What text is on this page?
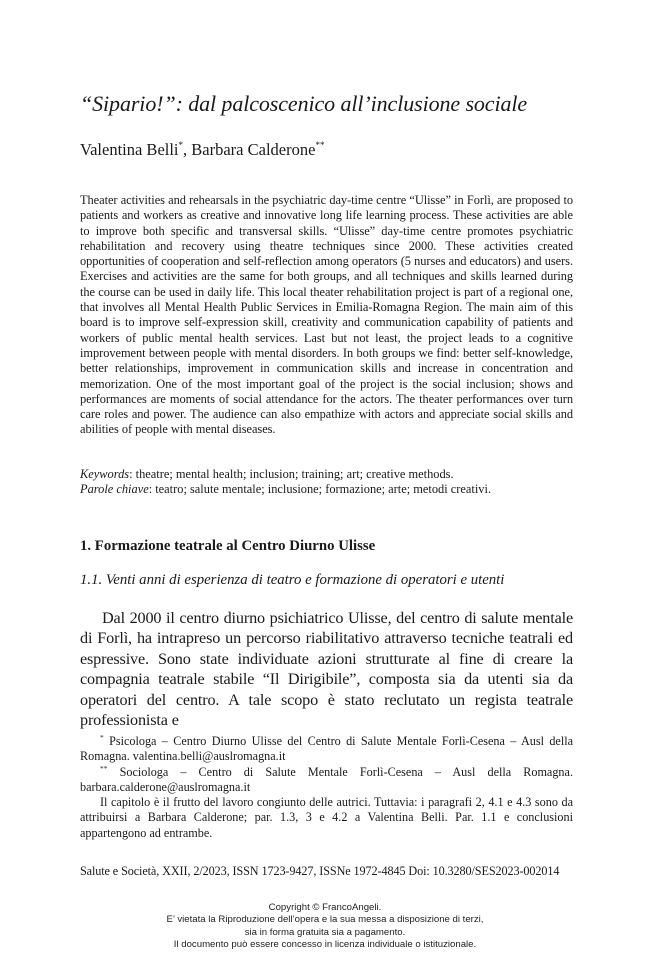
“Sipario!”: dal palcoscenico all’inclusione sociale
Valentina Belli*, Barbara Calderone**
Theater activities and rehearsals in the psychiatric day-time centre “Ulisse” in Forlì, are proposed to patients and workers as creative and innovative long life learning process. These activities are able to improve both specific and transversal skills. “Ulisse” day-time centre promotes psychiatric rehabilitation and recovery using theatre techniques since 2000. These activities created opportunities of cooperation and self-reflection among operators (5 nurses and educators) and users. Exercises and activities are the same for both groups, and all techniques and skills learned during the course can be used in daily life. This local theater rehabilitation project is part of a regional one, that involves all Mental Health Public Services in Emilia-Romagna Region. The main aim of this board is to improve self-expression skill, creativity and communication capability of patients and workers of public mental health services. Last but not least, the project leads to a cognitive improvement between people with mental disorders. In both groups we find: better self-knowledge, better relationships, improvement in communication skills and increase in concentration and memorization. One of the most important goal of the project is the social inclusion; shows and performances are moments of social attendance for the actors. The theater performances over turn care roles and power. The audience can also empathize with actors and appreciate social skills and abilities of people with mental diseases.
Keywords: theatre; mental health; inclusion; training; art; creative methods.
Parole chiave: teatro; salute mentale; inclusione; formazione; arte; metodi creativi.
1. Formazione teatrale al Centro Diurno Ulisse
1.1. Venti anni di esperienza di teatro e formazione di operatori e utenti
Dal 2000 il centro diurno psichiatrico Ulisse, del centro di salute mentale di Forlì, ha intrapreso un percorso riabilitativo attraverso tecniche teatrali ed espressive. Sono state individuate azioni strutturate al fine di creare la compagnia teatrale stabile “Il Dirigibile”, composta sia da utenti sia da operatori del centro. A tale scopo è stato reclutato un regista teatrale professionista e

* Psicologa – Centro Diurno Ulisse del Centro di Salute Mentale Forlì-Cesena – Ausl della Romagna. valentina.belli@auslromagna.it

** Sociologa – Centro di Salute Mentale Forlì-Cesena – Ausl della Romagna. barbara.calderone@auslromagna.it

Il capitolo è il frutto del lavoro congiunto delle autrici. Tuttavia: i paragrafi 2, 4.1 e 4.3 sono da attribuirsi a Barbara Calderone; par. 1.3, 3 e 4.2 a Valentina Belli. Par. 1.1 e conclusioni appartengono ad entrambe.

Salute e Società, XXII, 2/2023, ISSN 1723-9427, ISSNe 1972-4845 Doi: 10.3280/SES2023-002014
Copyright © FrancoAngeli.
E’ vietata la Riproduzione dell’opera e la sua messa a disposizione di terzi,
sia in forma gratuita sia a pagamento.
Il documento può essere concesso in licenza individuale o istituzionale.
